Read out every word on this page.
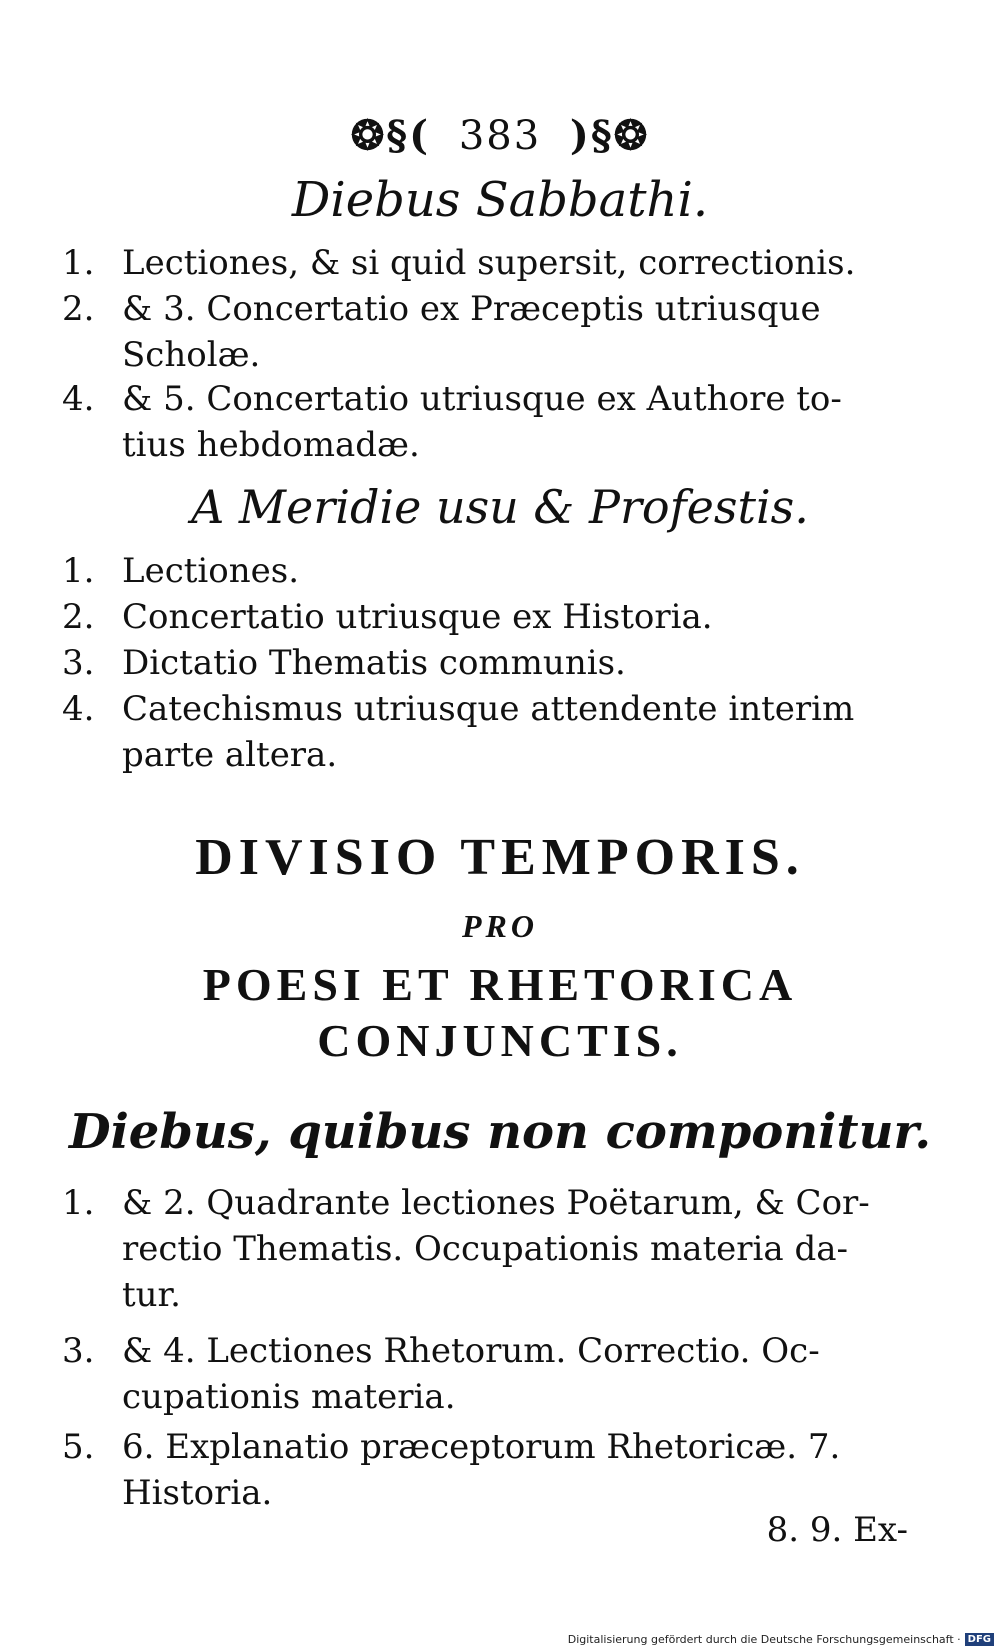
❂§( 383 )§❂
Diebus Sabbathi.
1. Lectiones, & si quid supersit, correctionis.
2. & 3. Concertatio ex Præceptis utriusque
Scholæ.
4. & 5. Concertatio utriusque ex Authore to-
tius hebdomadæ.
A Meridie usu & Profestis.
1. Lectiones.
2. Concertatio utriusque ex Historia.
3. Dictatio Thematis communis.
4. Catechismus utriusque attendente interim
parte altera.
DIVISIO TEMPORIS.
PRO
POESI ET RHETORICA
CONJUNCTIS.
Diebus, quibus non componitur.
1. & 2. Quadrante lectiones Poëtarum, & Cor-
rectio Thematis. Occupationis materia da-
tur.
3. & 4. Lectiones Rhetorum. Correctio. Oc-
cupationis materia.
5. 6. Explanatio præceptorum Rhetoricæ. 7.
Historia.
8. 9. Ex-
Digitalisierung gefördert durch die Deutsche Forschungsgemeinschaft · DFG
